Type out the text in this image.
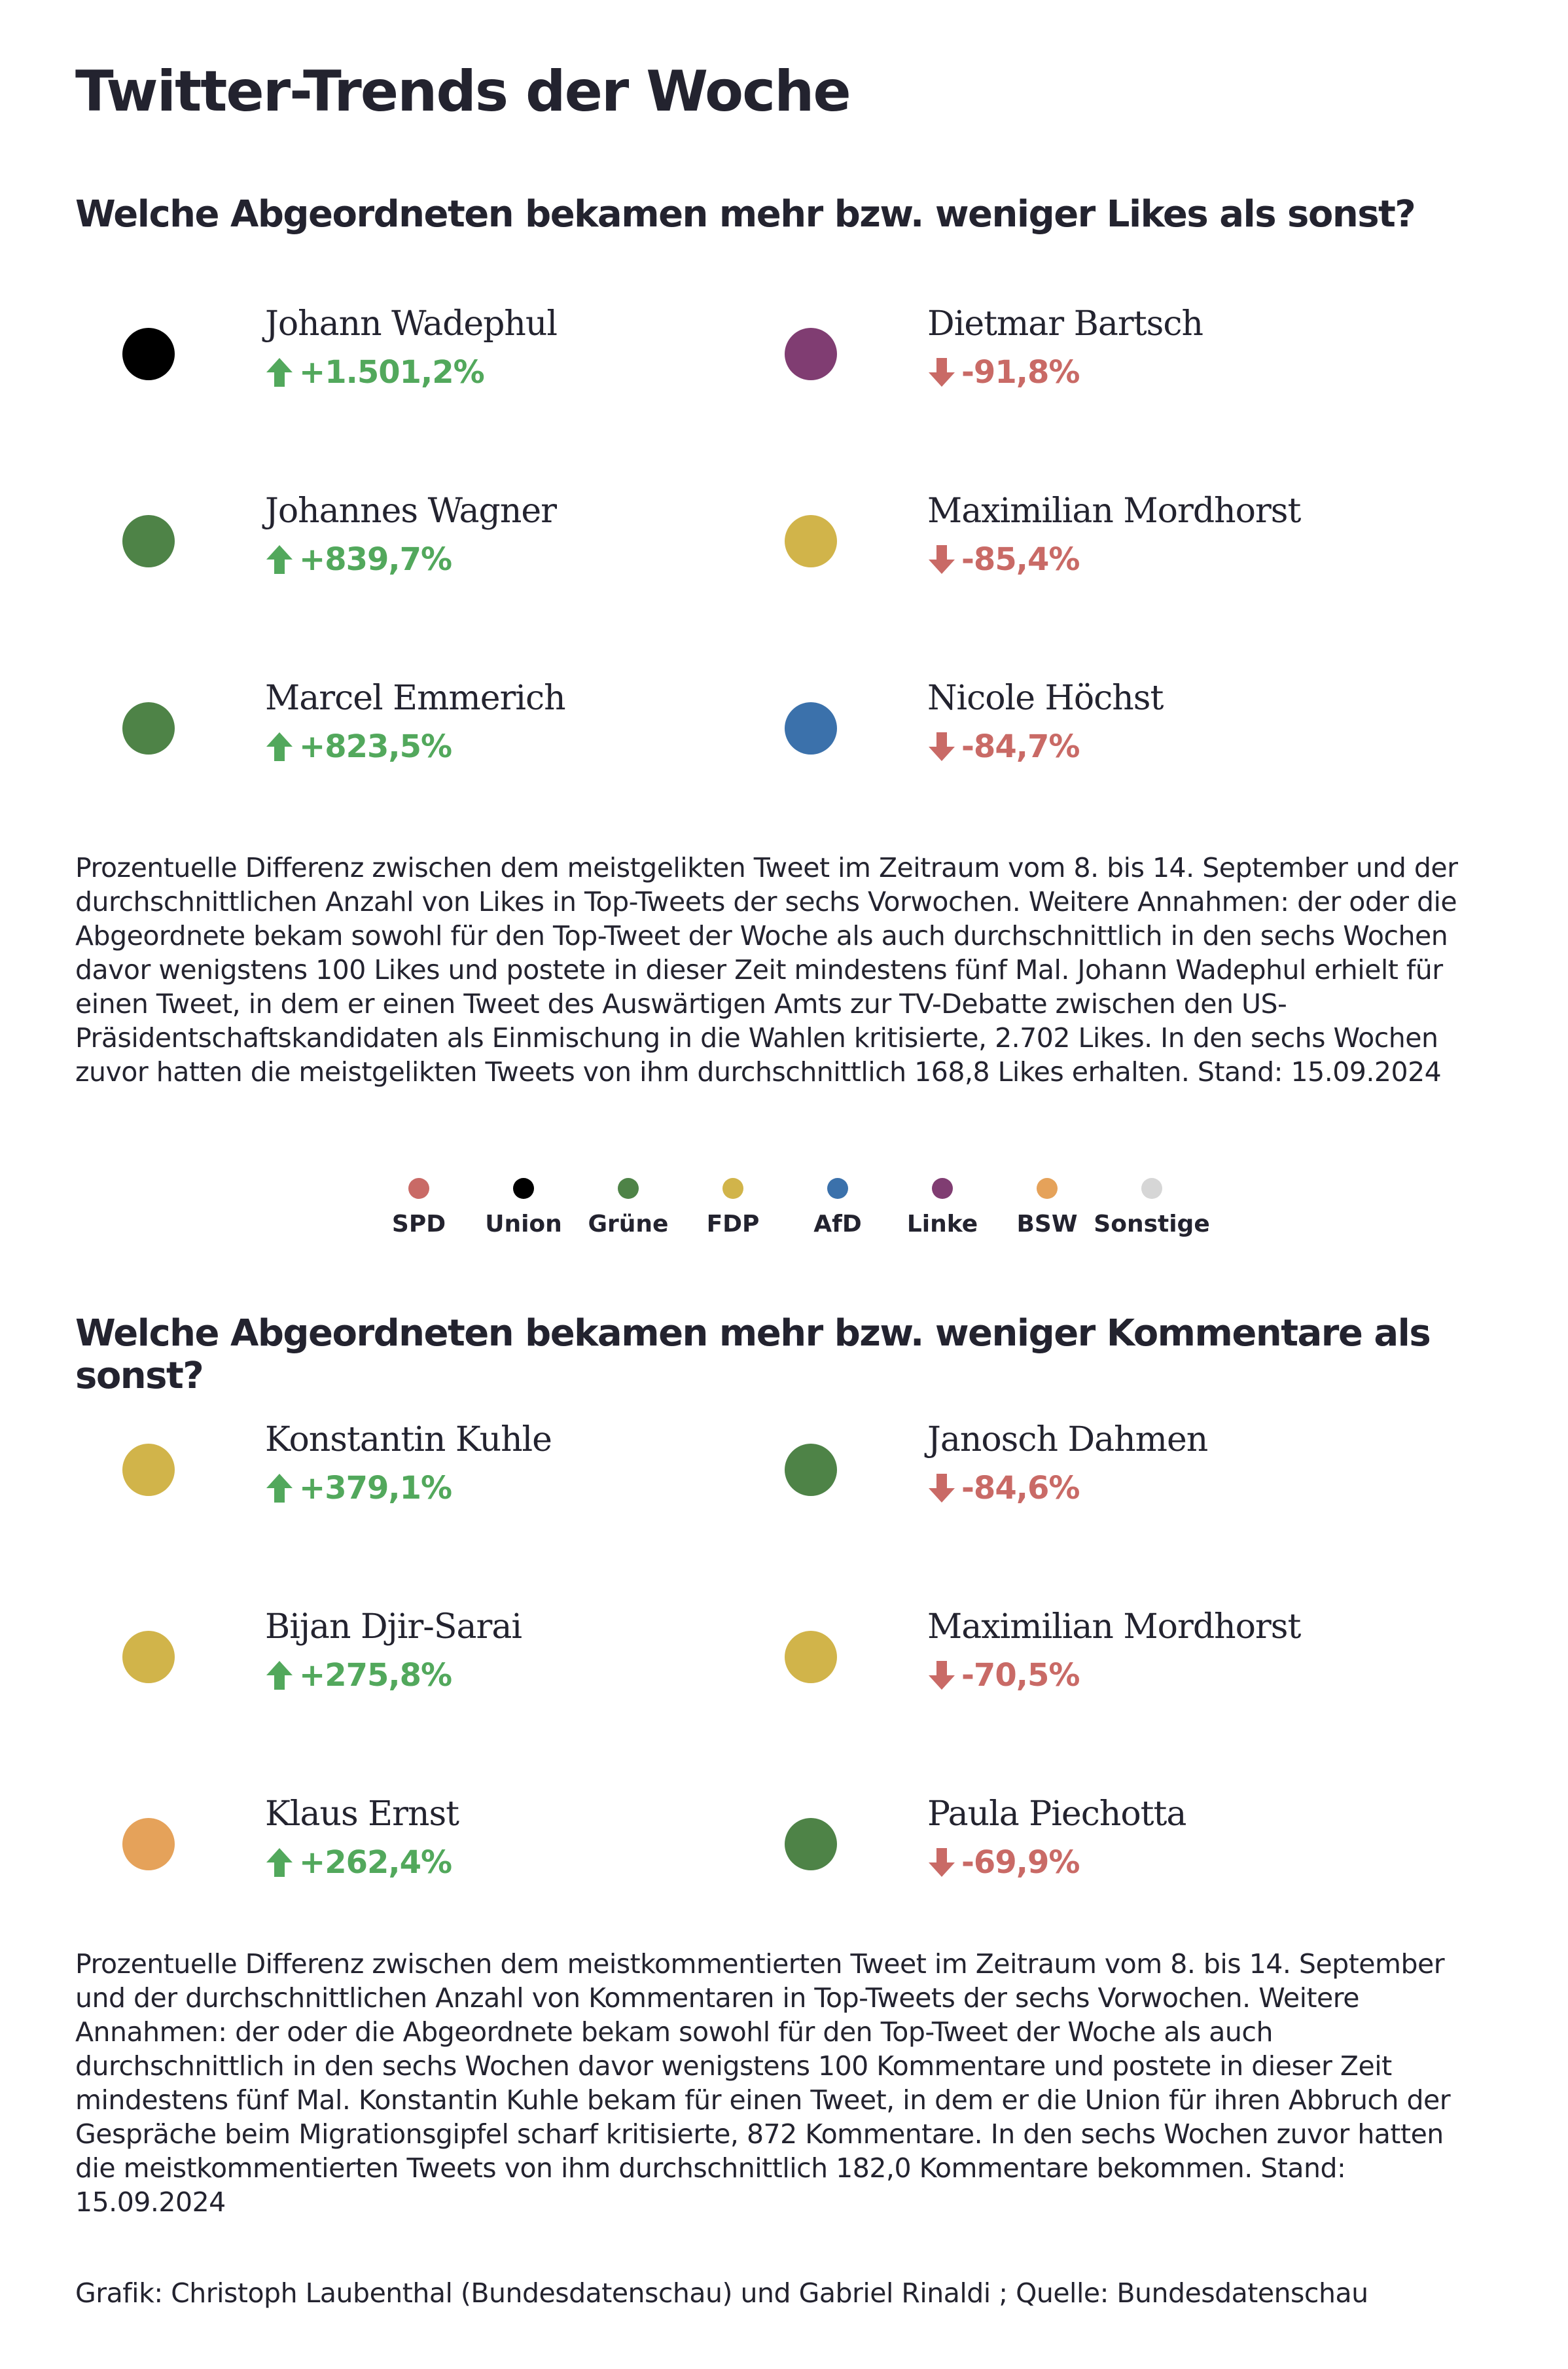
Twitter-Trends der Woche
Welche Abgeordneten bekamen mehr bzw. weniger Likes als sonst?
Johann Wadephul
+1.501,2%
Dietmar Bartsch
-91,8%
Johannes Wagner
+839,7%
Maximilian Mordhorst
-85,4%
Marcel Emmerich
+823,5%
Nicole Höchst
-84,7%

Prozentuelle Differenz zwischen dem meistgelikten Tweet im Zeitraum vom 8. bis 14. September und der durchschnittlichen Anzahl von Likes in Top-Tweets der sechs Vorwochen. Weitere Annahmen: der oder die Abgeordnete bekam sowohl für den Top-Tweet der Woche als auch durchschnittlich in den sechs Wochen davor wenigstens 100 Likes und postete in dieser Zeit mindestens fünf Mal. Johann Wadephul erhielt für einen Tweet, in dem er einen Tweet des Auswärtigen Amts zur TV-Debatte zwischen den US-Präsidentschaftskandidaten als Einmischung in die Wahlen kritisierte, 2.702 Likes. In den sechs Wochen zuvor hatten die meistgelikten Tweets von ihm durchschnittlich 168,8 Likes erhalten. Stand: 15.09.2024

SPD Union Grüne FDP AfD Linke BSW Sonstige
Welche Abgeordneten bekamen mehr bzw. weniger Kommentare als sonst?
Konstantin Kuhle
+379,1%
Janosch Dahmen
-84,6%
Bijan Djir-Sarai
+275,8%
Maximilian Mordhorst
-70,5%
Klaus Ernst
+262,4%
Paula Piechotta
-69,9%

Prozentuelle Differenz zwischen dem meistkommentierten Tweet im Zeitraum vom 8. bis 14. September und der durchschnittlichen Anzahl von Kommentaren in Top-Tweets der sechs Vorwochen. Weitere Annahmen: der oder die Abgeordnete bekam sowohl für den Top-Tweet der Woche als auch durchschnittlich in den sechs Wochen davor wenigstens 100 Kommentare und postete in dieser Zeit mindestens fünf Mal. Konstantin Kuhle bekam für einen Tweet, in dem er die Union für ihren Abbruch der Gespräche beim Migrationsgipfel scharf kritisierte, 872 Kommentare. In den sechs Wochen zuvor hatten die meistkommentierten Tweets von ihm durchschnittlich 182,0 Kommentare bekommen. Stand: 15.09.2024

Grafik: Christoph Laubenthal (Bundesdatenschau) und Gabriel Rinaldi ; Quelle: Bundesdatenschau
